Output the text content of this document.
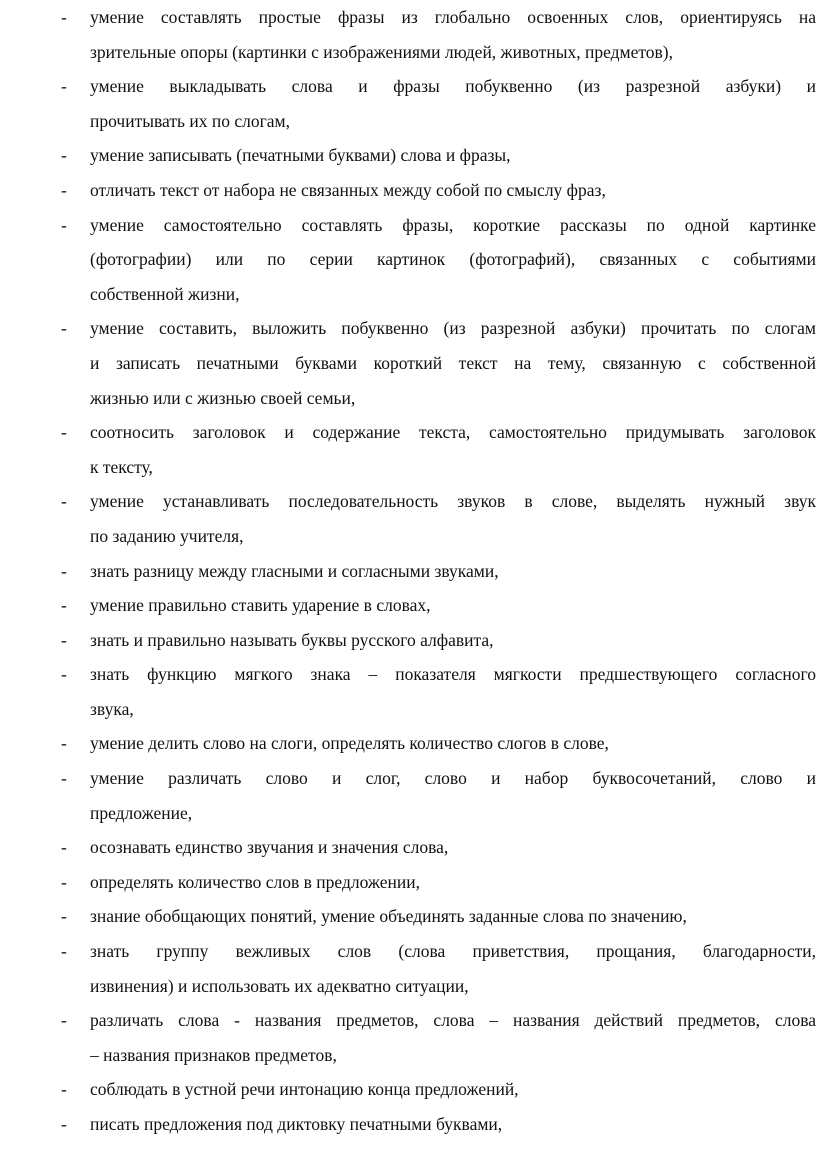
- умение составлять простые фразы из глобально освоенных слов, ориентируясь на
зрительные опоры (картинки с изображениями людей, животных, предметов),
- умение выкладывать слова и фразы побуквенно (из разрезной азбуки) и
прочитывать их по слогам,
- умение записывать (печатными буквами) слова и фразы,
- отличать текст от набора не связанных между собой по смыслу фраз,
- умение самостоятельно составлять фразы, короткие рассказы по одной картинке
(фотографии) или по серии картинок (фотографий), связанных с событиями
собственной жизни,
- умение составить, выложить побуквенно (из разрезной азбуки) прочитать по слогам
и записать печатными буквами короткий текст на тему, связанную с собственной
жизнью или с жизнью своей семьи,
- соотносить заголовок и содержание текста, самостоятельно придумывать заголовок
к тексту,
- умение устанавливать последовательность звуков в слове, выделять нужный звук
по заданию учителя,
- знать разницу между гласными и согласными звуками,
- умение правильно ставить ударение в словах,
- знать и правильно называть буквы русского алфавита,
- знать функцию мягкого знака – показателя мягкости предшествующего согласного
звука,
- умение делить слово на слоги, определять количество слогов в слове,
- умение различать слово и слог, слово и набор буквосочетаний, слово и
предложение,
- осознавать единство звучания и значения слова,
- определять количество слов в предложении,
- знание обобщающих понятий, умение объединять заданные слова по значению,
- знать группу вежливых слов (слова приветствия, прощания, благодарности,
извинения) и использовать их адекватно ситуации,
- различать слова - названия предметов, слова – названия действий предметов, слова
– названия признаков предметов,
- соблюдать в устной речи интонацию конца предложений,
- писать предложения под диктовку печатными буквами,
